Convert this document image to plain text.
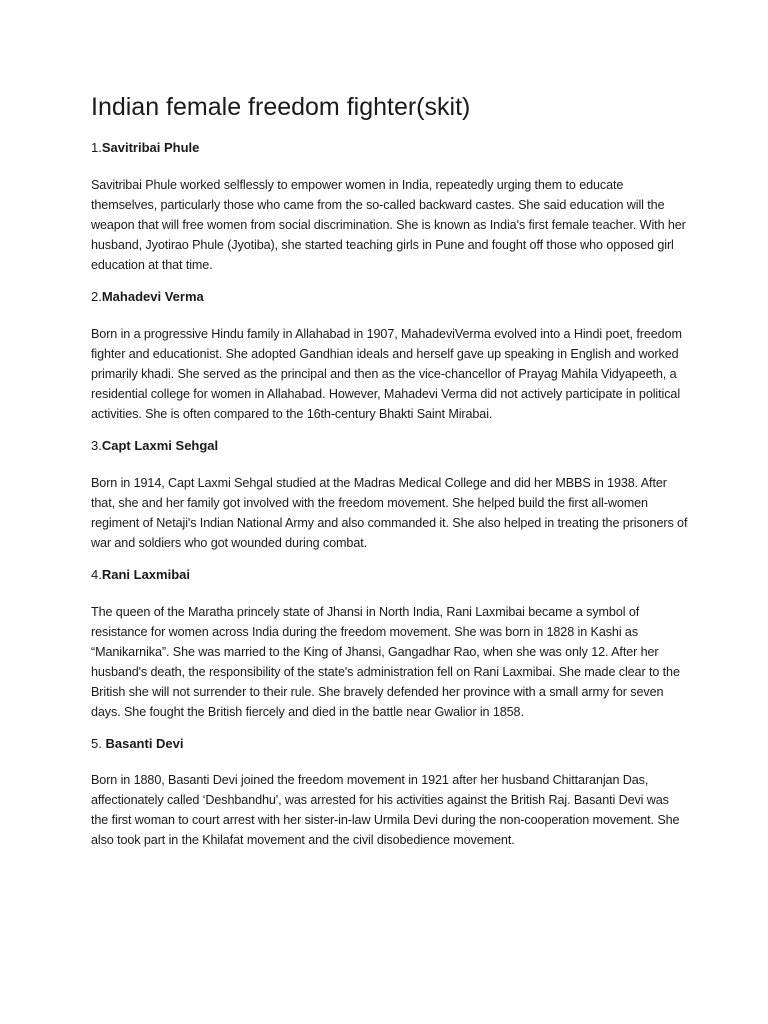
Indian female freedom fighter(skit)

1.Savitribai Phule

Savitribai Phule worked selflessly to empower women in India, repeatedly urging them to educate themselves, particularly those who came from the so-called backward castes. She said education will the weapon that will free women from social discrimination. She is known as India's first female teacher. With her husband, Jyotirao Phule (Jyotiba), she started teaching girls in Pune and fought off those who opposed girl education at that time.

2.Mahadevi Verma

Born in a progressive Hindu family in Allahabad in 1907, MahadeviVerma evolved into a Hindi poet, freedom fighter and educationist. She adopted Gandhian ideals and herself gave up speaking in English and worked primarily khadi. She served as the principal and then as the vice-chancellor of Prayag Mahila Vidyapeeth, a residential college for women in Allahabad. However, Mahadevi Verma did not actively participate in political activities. She is often compared to the 16th-century Bhakti Saint Mirabai.

3.Capt Laxmi Sehgal

Born in 1914, Capt Laxmi Sehgal studied at the Madras Medical College and did her MBBS in 1938. After that, she and her family got involved with the freedom movement. She helped build the first all-women regiment of Netaji's Indian National Army and also commanded it. She also helped in treating the prisoners of war and soldiers who got wounded during combat.

4.Rani Laxmibai

The queen of the Maratha princely state of Jhansi in North India, Rani Laxmibai became a symbol of resistance for women across India during the freedom movement. She was born in 1828 in Kashi as “Manikarnika”. She was married to the King of Jhansi, Gangadhar Rao, when she was only 12. After her husband's death, the responsibility of the state's administration fell on Rani Laxmibai. She made clear to the British she will not surrender to their rule. She bravely defended her province with a small army for seven days. She fought the British fiercely and died in the battle near Gwalior in 1858.

5. Basanti Devi

Born in 1880, Basanti Devi joined the freedom movement in 1921 after her husband Chittaranjan Das, affectionately called ‘Deshbandhu', was arrested for his activities against the British Raj. Basanti Devi was the first woman to court arrest with her sister-in-law Urmila Devi during the non-cooperation movement. She also took part in the Khilafat movement and the civil disobedience movement.
